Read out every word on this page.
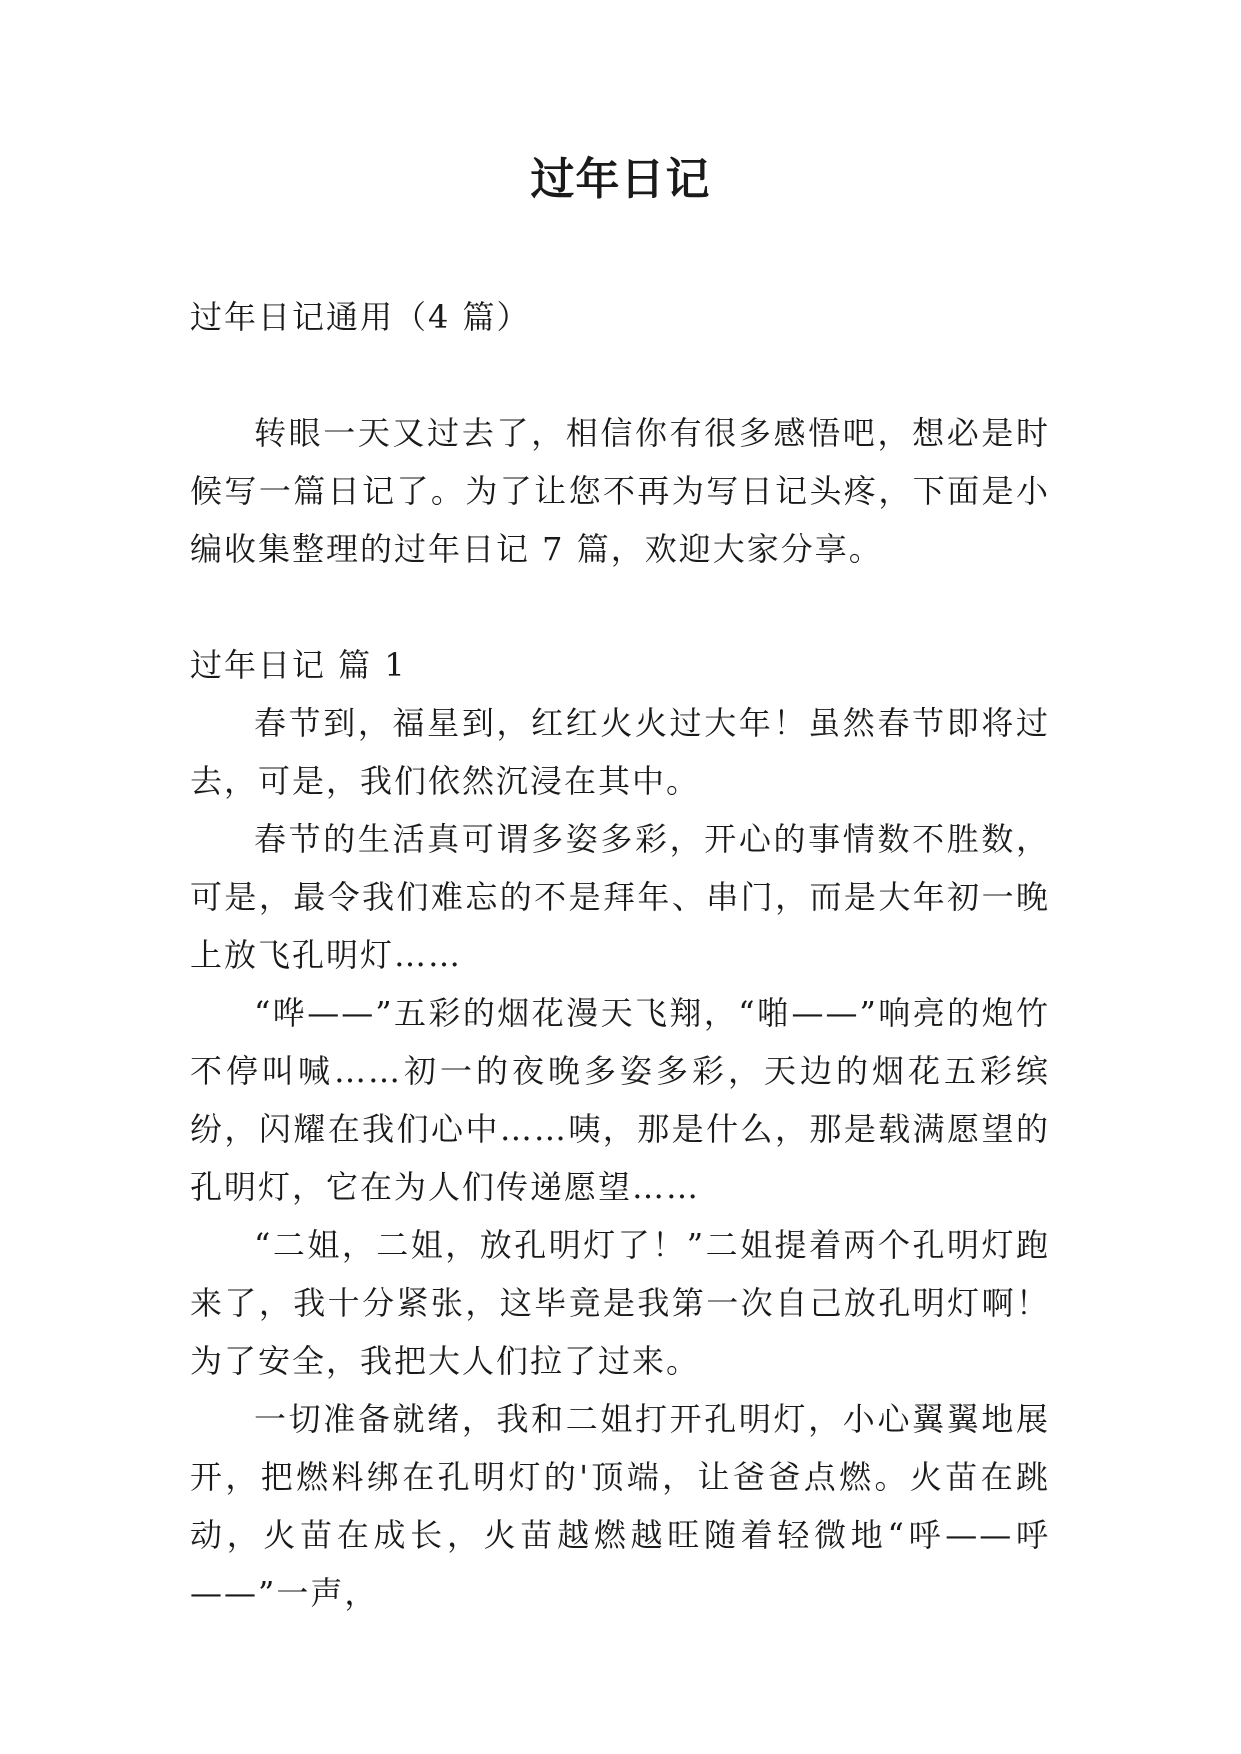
过年日记
过年日记通用（4 篇）

转眼一天又过去了，相信你有很多感悟吧，想必是时候写一篇日记了。为了让您不再为写日记头疼，下面是小编收集整理的过年日记 7 篇，欢迎大家分享。

过年日记 篇 1

春节到，福星到，红红火火过大年！虽然春节即将过去，可是，我们依然沉浸在其中。

春节的生活真可谓多姿多彩，开心的事情数不胜数，可是，最令我们难忘的不是拜年、串门，而是大年初一晚上放飞孔明灯……

“哗——”五彩的烟花漫天飞翔，“啪——”响亮的炮竹不停叫喊……初一的夜晚多姿多彩，天边的烟花五彩缤纷，闪耀在我们心中……咦，那是什么，那是载满愿望的孔明灯，它在为人们传递愿望……

“二姐，二姐，放孔明灯了！”二姐提着两个孔明灯跑来了，我十分紧张，这毕竟是我第一次自己放孔明灯啊！为了安全，我把大人们拉了过来。

一切准备就绪，我和二姐打开孔明灯，小心翼翼地展开，把燃料绑在孔明灯的'顶端，让爸爸点燃。火苗在跳动，火苗在成长，火苗越燃越旺随着轻微地“呼——呼——”一声，
